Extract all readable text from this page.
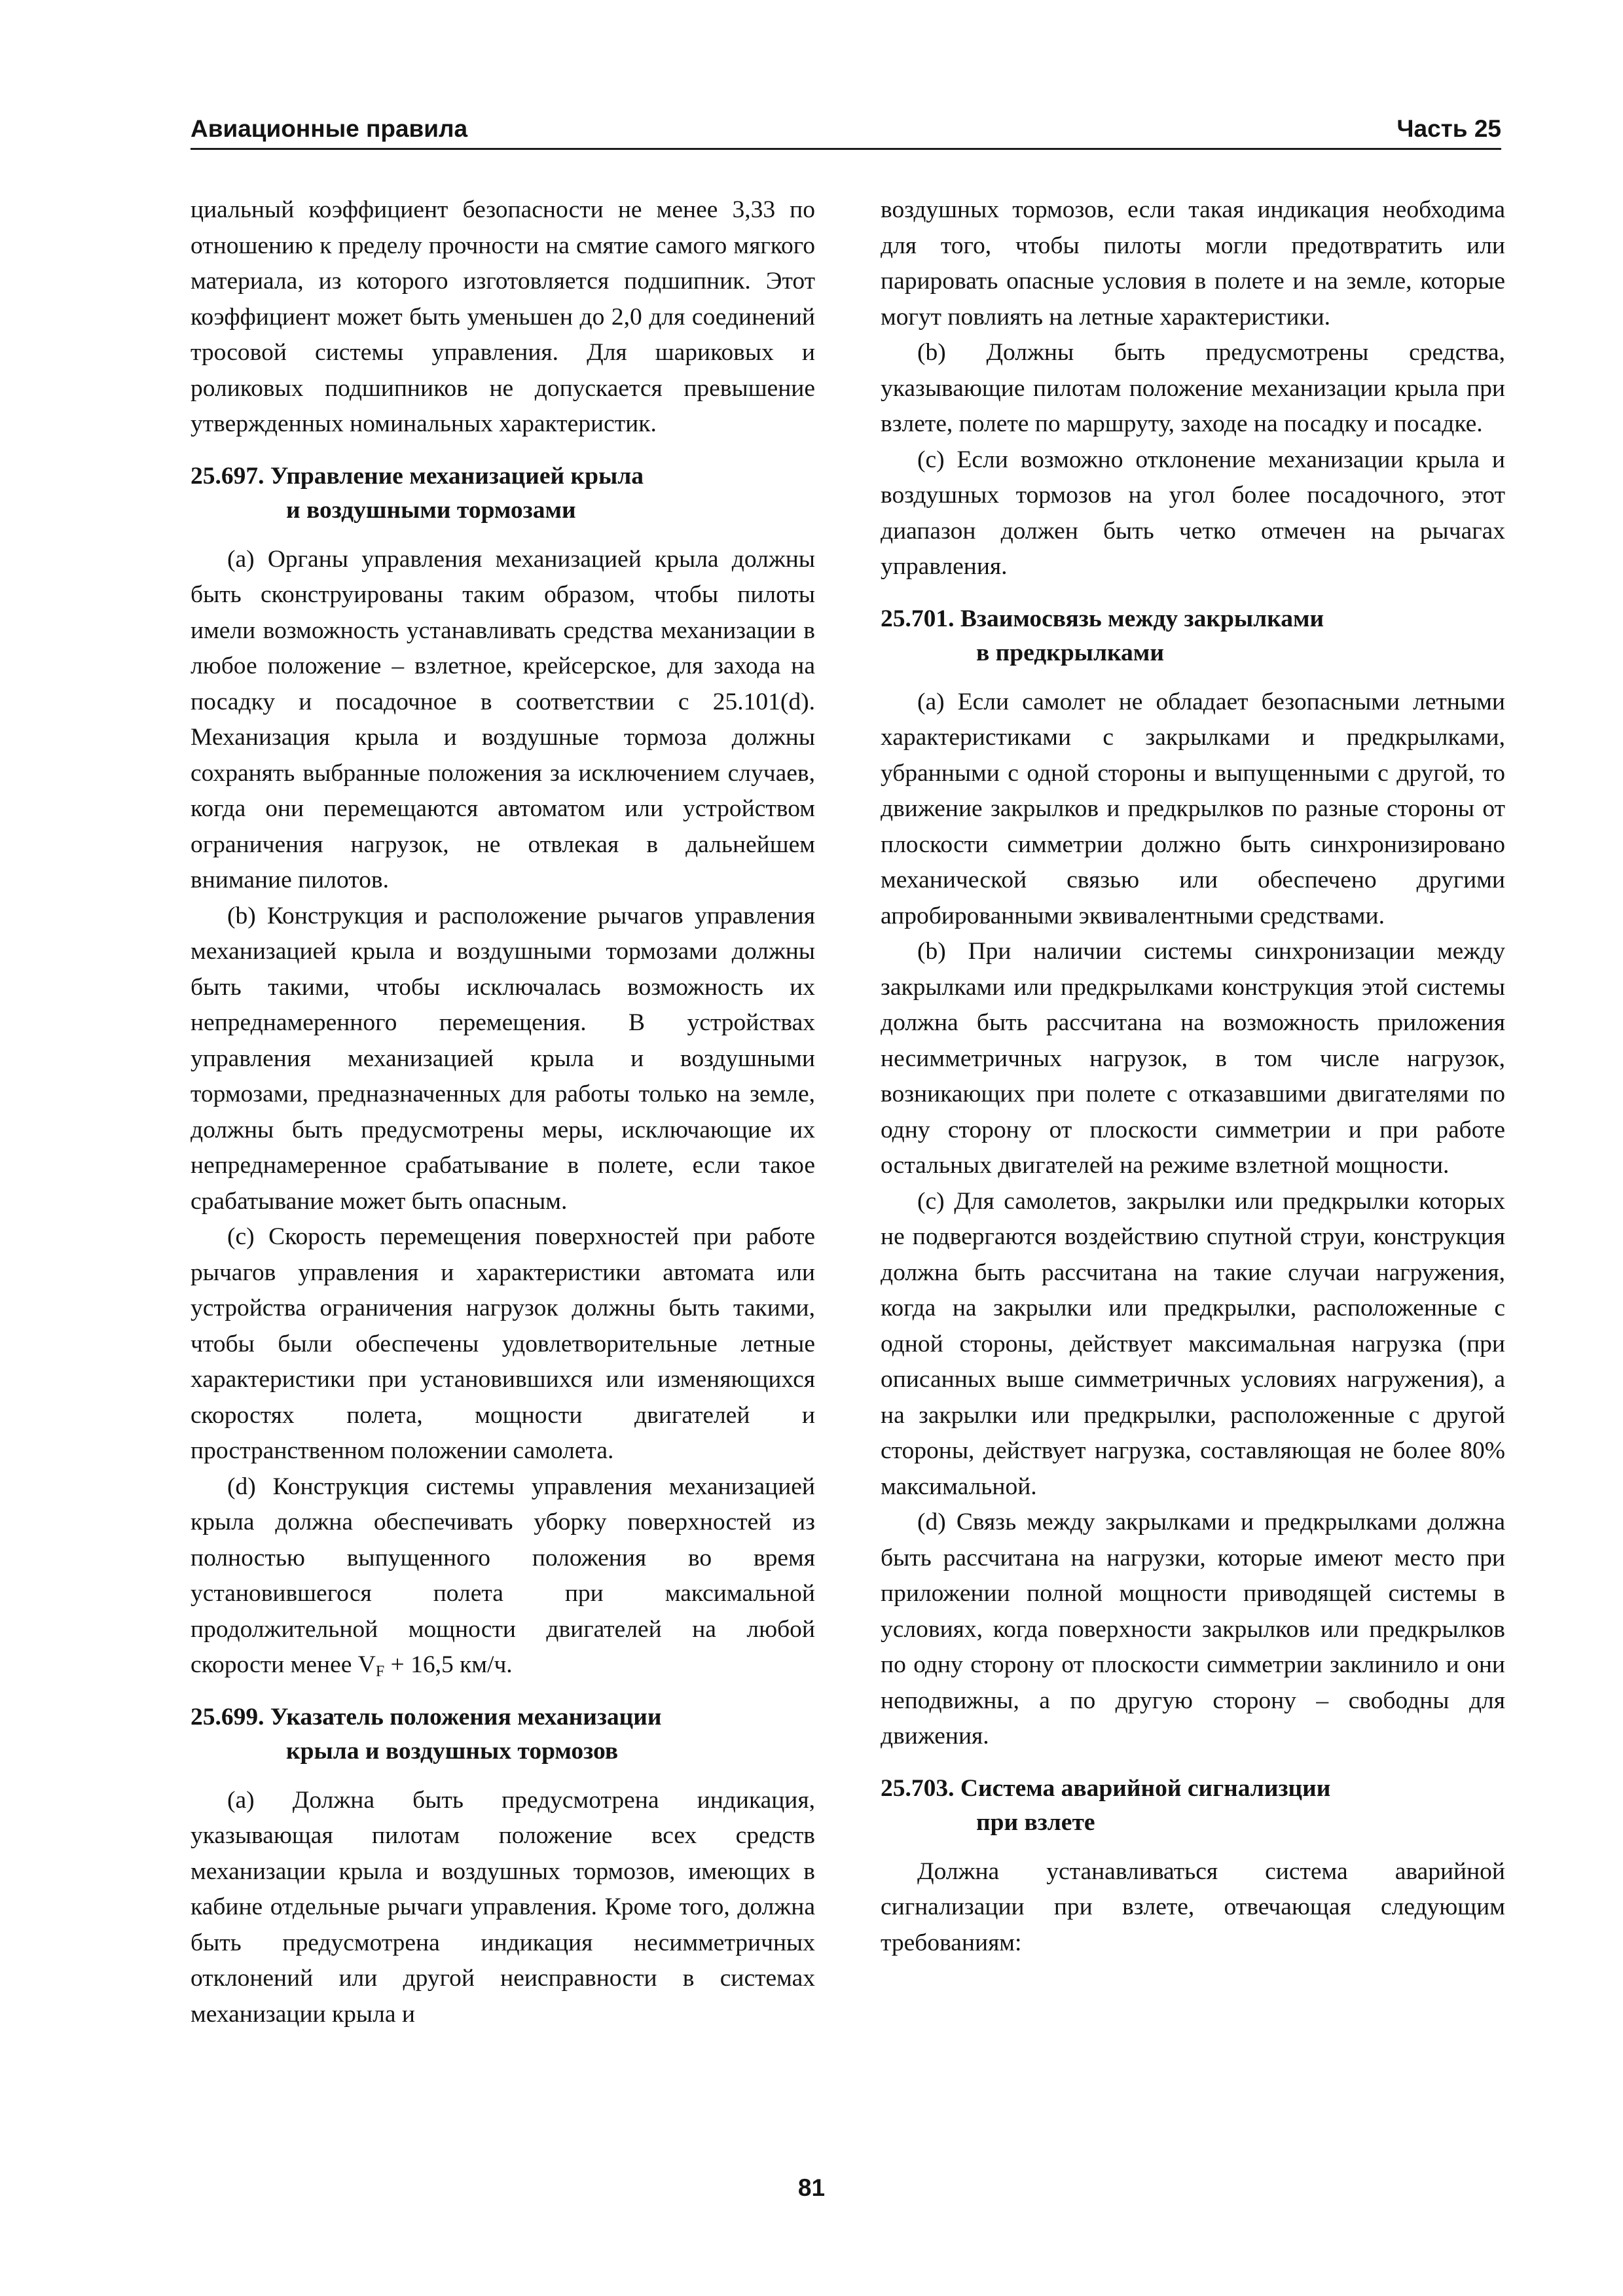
Авиационные правила	Часть 25

циальный коэффициент безопасности не менее 3,33 по отношению к пределу прочности на смятие самого мягкого материала, из которого изготовляется подшипник. Этот коэффициент может быть уменьшен до 2,0 для соединений тросовой системы управления. Для шариковых и роликовых подшипников не допускается превышение утвержденных номинальных характеристик.

25.697. Управление механизацией крыла
и воздушными тормозами

(a) Органы управления механизацией крыла должны быть сконструированы таким образом, чтобы пилоты имели возможность устанавливать средства механизации в любое положение – взлетное, крейсерское, для захода на посадку и посадочное в соответствии с 25.101(d). Механизация крыла и воздушные тормоза должны сохранять выбранные положения за исключением случаев, когда они перемещаются автоматом или устройством ограничения нагрузок, не отвлекая в дальнейшем внимание пилотов.

(b) Конструкция и расположение рычагов управления механизацией крыла и воздушными тормозами должны быть такими, чтобы исключалась возможность их непреднамеренного перемещения. В устройствах управления механизацией крыла и воздушными тормозами, предназначенных для работы только на земле, должны быть предусмотрены меры, исключающие их непреднамеренное срабатывание в полете, если такое срабатывание может быть опасным.

(c) Скорость перемещения поверхностей при работе рычагов управления и характеристики автомата или устройства ограничения нагрузок должны быть такими, чтобы были обеспечены удовлетворительные летные характеристики при установившихся или изменяющихся скоростях полета, мощности двигателей и пространственном положении самолета.

(d) Конструкция системы управления механизацией крыла должна обеспечивать уборку поверхностей из полностью выпущенного положения во время установившегося полета при максимальной продолжительной мощности двигателей на любой скорости менее $V_F + 16,5$ км/ч.

25.699. Указатель положения механизации
крыла и воздушных тормозов

(a) Должна быть предусмотрена индикация, указывающая пилотам положение всех средств механизации крыла и воздушных тормозов, имеющих в кабине отдельные рычаги управления. Кроме того, должна быть предусмотрена индикация несимметричных отклонений или другой неисправности в системах механизации крыла и

воздушных тормозов, если такая индикация необходима для того, чтобы пилоты могли предотвратить или парировать опасные условия в полете и на земле, которые могут повлиять на летные характеристики.

(b) Должны быть предусмотрены средства, указывающие пилотам положение механизации крыла при взлете, полете по маршруту, заходе на посадку и посадке.

(c) Если возможно отклонение механизации крыла и воздушных тормозов на угол более посадочного, этот диапазон должен быть четко отмечен на рычагах управления.

25.701. Взаимосвязь между закрылками
в предкрылками

(a) Если самолет не обладает безопасными летными характеристиками с закрылками и предкрылками, убранными с одной стороны и выпущенными с другой, то движение закрылков и предкрылков по разные стороны от плоскости симметрии должно быть синхронизировано механической связью или обеспечено другими апробированными эквивалентными средствами.

(b) При наличии системы синхронизации между закрылками или предкрылками конструкция этой системы должна быть рассчитана на возможность приложения несимметричных нагрузок, в том числе нагрузок, возникающих при полете с отказавшими двигателями по одну сторону от плоскости симметрии и при работе остальных двигателей на режиме взлетной мощности.

(c) Для самолетов, закрылки или предкрылки которых не подвергаются воздействию спутной струи, конструкция должна быть рассчитана на такие случаи нагружения, когда на закрылки или предкрылки, расположенные с одной стороны, действует максимальная нагрузка (при описанных выше симметричных условиях нагружения), а на закрылки или предкрылки, расположенные с другой стороны, действует нагрузка, составляющая не более 80% максимальной.

(d) Связь между закрылками и предкрылками должна быть рассчитана на нагрузки, которые имеют место при приложении полной мощности приводящей системы в условиях, когда поверхности закрылков или предкрылков по одну сторону от плоскости симметрии заклинило и они неподвижны, а по другую сторону – свободны для движения.

25.703. Система аварийной сигнализции
при взлете

Должна устанавливаться система аварийной сигнализации при взлете, отвечающая следующим требованиям:

81
